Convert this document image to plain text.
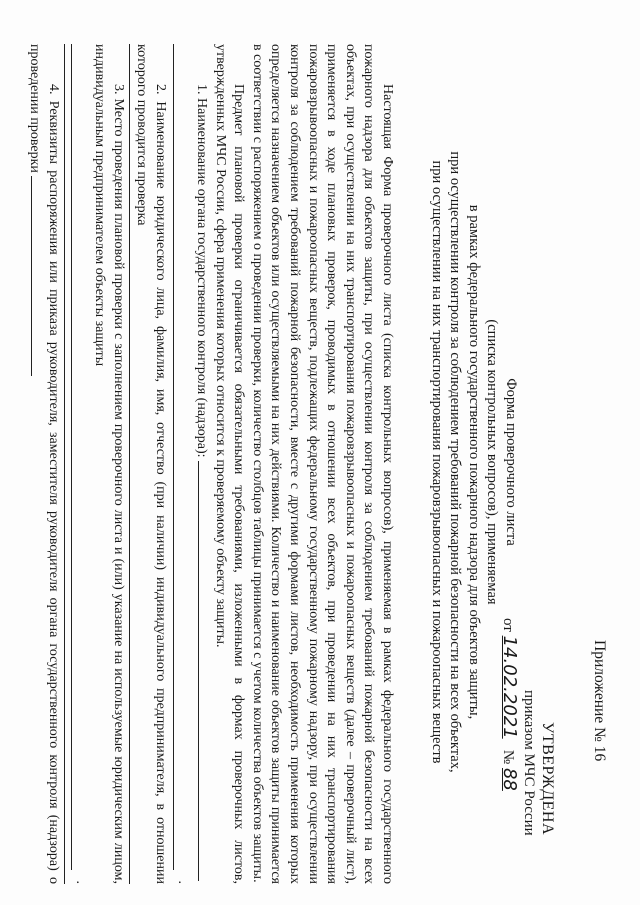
Приложение № 16
УТВЕРЖДЕНА
приказом МЧС России
от 14.02.2021   № 88
Форма проверочного листа
(списка контрольных вопросов), применяемая
в рамках федерального государственного пожарного надзора для объектов защиты,
при осуществлении контроля за соблюдением требований пожарной безопасности на всех объектах,
при осуществлении на них транспортирования пожаровзрывоопасных и пожароопасных веществ

Настоящая Форма проверочного листа (списка контрольных вопросов), применяемая в рамках федерального государственного пожарного надзора для объектов защиты, при осуществлении контроля за соблюдением требований пожарной безопасности на всех объектах, при осуществлении на них транспортирования пожаровзрывоопасных и пожароопасных веществ (далее – проверочный лист), применяется в ходе плановых проверок, проводимых в отношении всех объектов, при проведении на них транспортирования пожаровзрывоопасных и пожароопасных веществ, подлежащих федеральному государственному пожарному надзору, при осуществлении контроля за соблюдением требований пожарной безопасности, вместе с другими формами листов, необходимость применения которых определяется назначением объектов или осуществляемыми на них действиями. Количество и наименование объектов защиты принимается в соответствии с распоряжением о проведении проверки, количество столбцов таблицы принимается с учетом количества объектов защиты.

Предмет плановой проверки ограничивается обязательными требованиями, изложенными в формах проверочных листов, утвержденных МЧС России, сфера применения которых относится к проверяемому объекту защиты.

1. Наименование органа государственного контроля (надзора):

.

2. Наименование юридического лица, фамилия, имя, отчество (при наличии) индивидуального предпринимателя, в отношении которого проводится проверка

3. Место проведения плановой проверки с заполнением проверочного листа и (или) указание на используемые юридическим лицом, индивидуальным предпринимателем объекты защиты

.

4. Реквизиты распоряжения или приказа руководителя, заместителя руководителя органа государственного контроля (надзора) о проведении проверки
